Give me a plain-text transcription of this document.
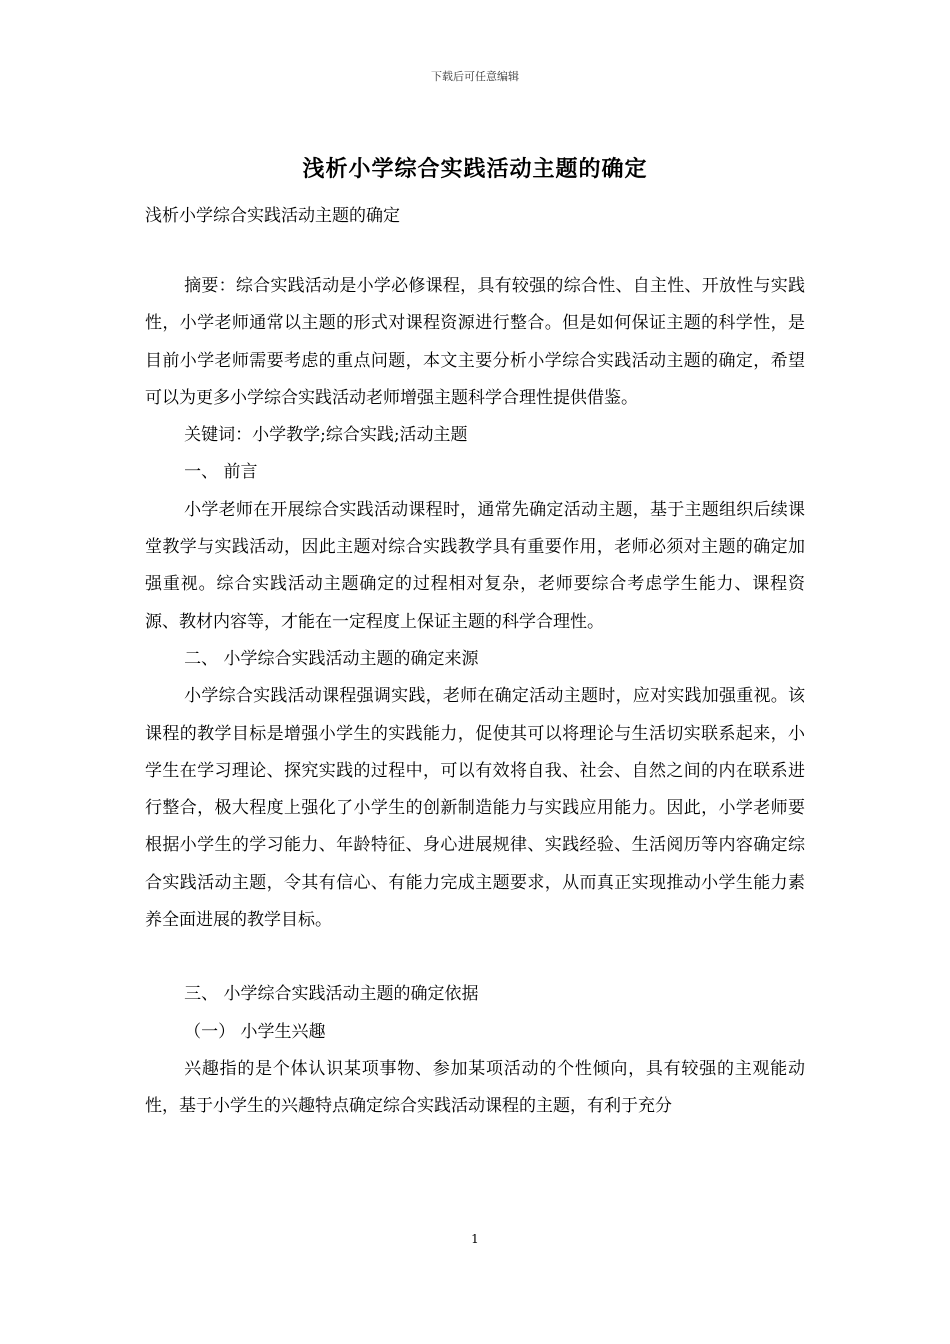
下载后可任意编辑
浅析小学综合实践活动主题的确定
浅析小学综合实践活动主题的确定

摘要：综合实践活动是小学必修课程，具有较强的综合性、自主性、开放性与实践性，小学老师通常以主题的形式对课程资源进行整合。但是如何保证主题的科学性，是目前小学老师需要考虑的重点问题，本文主要分析小学综合实践活动主题的确定，希望可以为更多小学综合实践活动老师增强主题科学合理性提供借鉴。

关键词：小学教学;综合实践;活动主题

一、 前言

小学老师在开展综合实践活动课程时，通常先确定活动主题，基于主题组织后续课堂教学与实践活动，因此主题对综合实践教学具有重要作用，老师必须对主题的确定加强重视。综合实践活动主题确定的过程相对复杂，老师要综合考虑学生能力、课程资源、教材内容等，才能在一定程度上保证主题的科学合理性。

二、 小学综合实践活动主题的确定来源

小学综合实践活动课程强调实践，老师在确定活动主题时，应对实践加强重视。该课程的教学目标是增强小学生的实践能力，促使其可以将理论与生活切实联系起来，小学生在学习理论、探究实践的过程中，可以有效将自我、社会、自然之间的内在联系进行整合，极大程度上强化了小学生的创新制造能力与实践应用能力。因此，小学老师要根据小学生的学习能力、年龄特征、身心进展规律、实践经验、生活阅历等内容确定综合实践活动主题，令其有信心、有能力完成主题要求，从而真正实现推动小学生能力素养全面进展的教学目标。

三、 小学综合实践活动主题的确定依据

（一） 小学生兴趣

兴趣指的是个体认识某项事物、参加某项活动的个性倾向，具有较强的主观能动性，基于小学生的兴趣特点确定综合实践活动课程的主题，有利于充分

1
